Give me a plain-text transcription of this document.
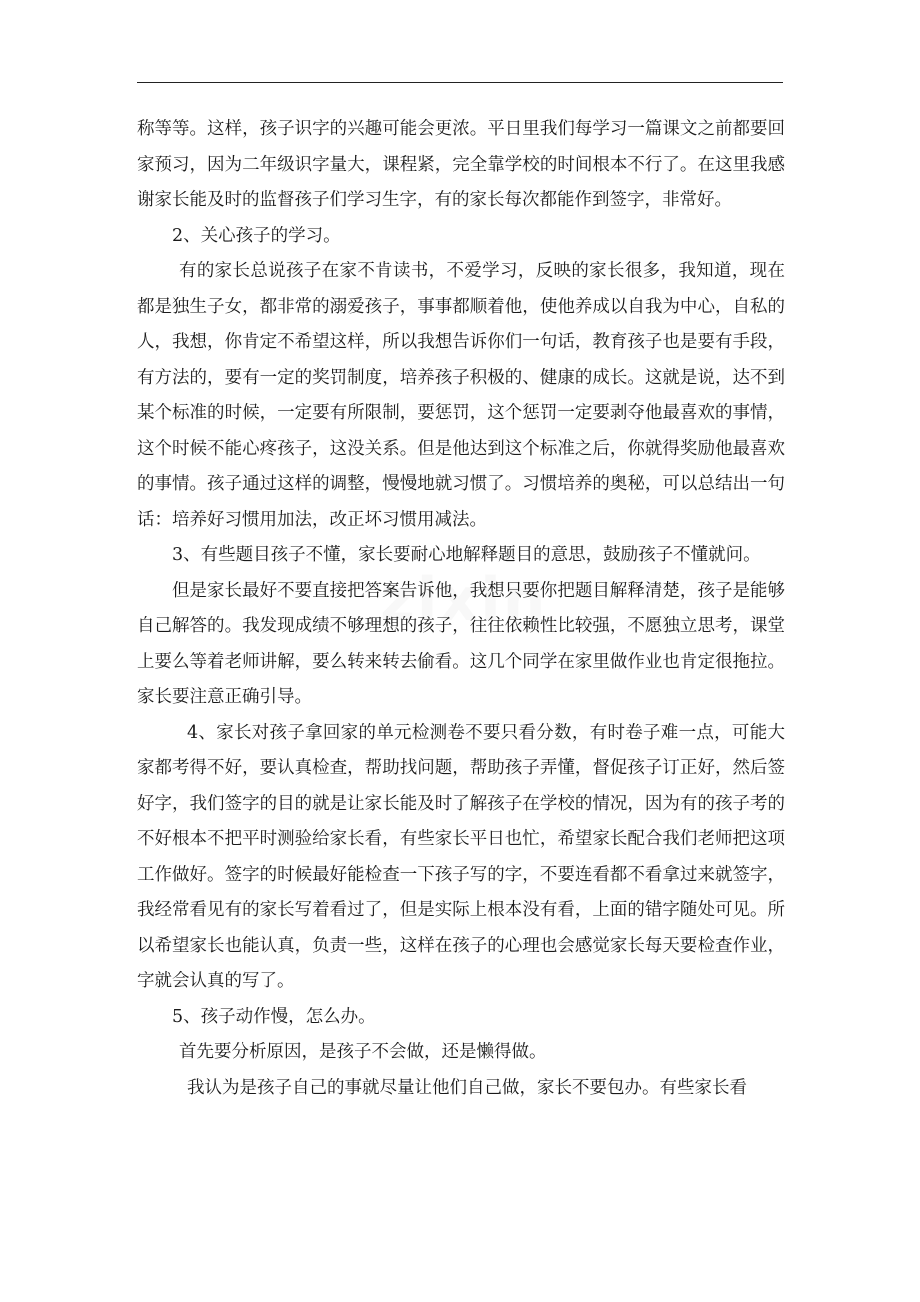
zixin

称等等。这样，孩子识字的兴趣可能会更浓。平日里我们每学习一篇课文之前都要回家预习，因为二年级识字量大，课程紧，完全靠学校的时间根本不行了。在这里我感谢家长能及时的监督孩子们学习生字，有的家长每次都能作到签字，非常好。

2、关心孩子的学习。

有的家长总说孩子在家不肯读书，不爱学习，反映的家长很多，我知道，现在都是独生子女，都非常的溺爱孩子，事事都顺着他，使他养成以自我为中心，自私的人，我想，你肯定不希望这样，所以我想告诉你们一句话，教育孩子也是要有手段，有方法的，要有一定的奖罚制度，培养孩子积极的、健康的成长。这就是说，达不到某个标准的时候，一定要有所限制，要惩罚，这个惩罚一定要剥夺他最喜欢的事情，这个时候不能心疼孩子，这没关系。但是他达到这个标准之后，你就得奖励他最喜欢的事情。孩子通过这样的调整，慢慢地就习惯了。习惯培养的奥秘，可以总结出一句话：培养好习惯用加法，改正坏习惯用减法。

3、有些题目孩子不懂，家长要耐心地解释题目的意思，鼓励孩子不懂就问。

但是家长最好不要直接把答案告诉他，我想只要你把题目解释清楚，孩子是能够自己解答的。我发现成绩不够理想的孩子，往往依赖性比较强，不愿独立思考，课堂上要么等着老师讲解，要么转来转去偷看。这几个同学在家里做作业也肯定很拖拉。家长要注意正确引导。

4、家长对孩子拿回家的单元检测卷不要只看分数，有时卷子难一点，可能大家都考得不好，要认真检查，帮助找问题，帮助孩子弄懂，督促孩子订正好，然后签好字，我们签字的目的就是让家长能及时了解孩子在学校的情况，因为有的孩子考的不好根本不把平时测验给家长看，有些家长平日也忙，希望家长配合我们老师把这项工作做好。签字的时候最好能检查一下孩子写的字，不要连看都不看拿过来就签字，我经常看见有的家长写着看过了，但是实际上根本没有看，上面的错字随处可见。所以希望家长也能认真，负责一些，这样在孩子的心理也会感觉家长每天要检查作业，字就会认真的写了。

5、孩子动作慢，怎么办。

首先要分析原因，是孩子不会做，还是懒得做。

我认为是孩子自己的事就尽量让他们自己做，家长不要包办。有些家长看
